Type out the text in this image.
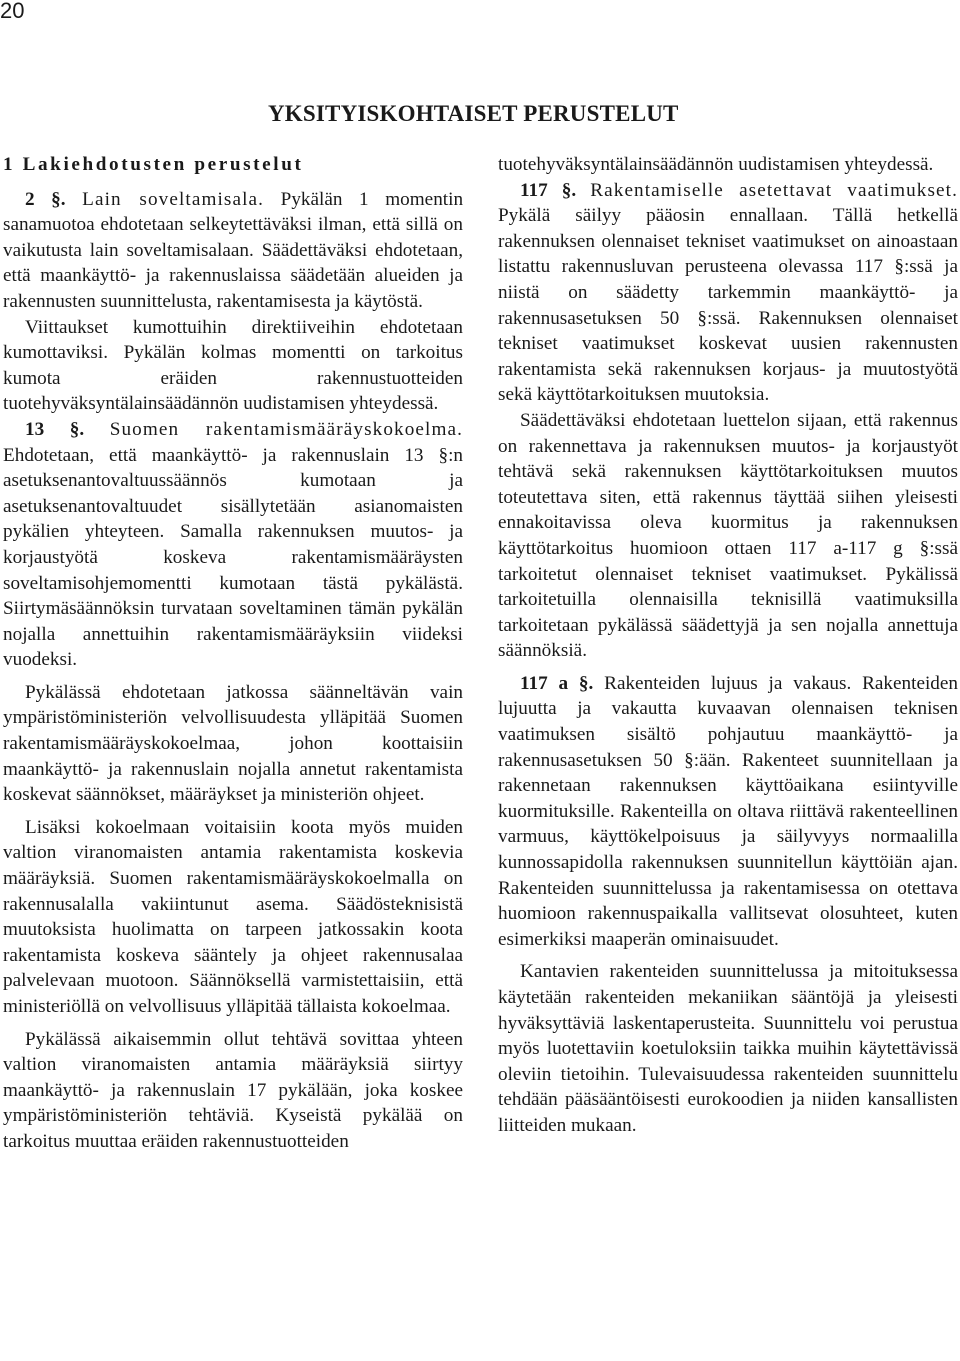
20
YKSITYISKOHTAISET PERUSTELUT
1 Lakiehdotusten perustelut

2 §. Lain soveltamisala. Pykälän 1 momentin sanamuotoa ehdotetaan selkeytettäväksi ilman, että sillä on vaikutusta lain soveltamisalaan. Säädettäväksi ehdotetaan, että maankäyttö- ja rakennuslaissa säädetään alueiden ja rakennusten suunnittelusta, rakentamisesta ja käytöstä.

Viittaukset kumottuihin direktiiveihin ehdotetaan kumottaviksi. Pykälän kolmas momentti on tarkoitus kumota eräiden rakennustuotteiden tuotehyväksyntälainsäädännön uudistamisen yhteydessä.

13 §. Suomen rakentamismääräyskokoelma. Ehdotetaan, että maankäyttö- ja rakennuslain 13 §:n asetuksenantovaltuussäännös kumotaan ja asetuksenantovaltuudet sisällytetään asianomaisten pykälien yhteyteen. Samalla rakennuksen muutos- ja korjaustyötä koskeva rakentamismääräysten soveltamisohjemomentti kumotaan tästä pykälästä. Siirtymäsäännöksin turvataan soveltaminen tämän pykälän nojalla annettuihin rakentamismääräyksiin viideksi vuodeksi.

Pykälässä ehdotetaan jatkossa säänneltävän vain ympäristöministeriön velvollisuudesta ylläpitää Suomen rakentamismääräyskokoelmaa, johon koottaisiin maankäyttö- ja rakennuslain nojalla annetut rakentamista koskevat säännökset, määräykset ja ministeriön ohjeet.

Lisäksi kokoelmaan voitaisiin koota myös muiden valtion viranomaisten antamia rakentamista koskevia määräyksiä. Suomen rakentamismääräyskokoelmalla on rakennusalalla vakiintunut asema. Säädösteknisistä muutoksista huolimatta on tarpeen jatkossakin koota rakentamista koskeva sääntely ja ohjeet rakennusalaa palvelevaan muotoon. Säännöksellä varmistettaisiin, että ministeriöllä on velvollisuus ylläpitää tällaista kokoelmaa.

Pykälässä aikaisemmin ollut tehtävä sovittaa yhteen valtion viranomaisten antamia määräyksiä siirtyy maankäyttö- ja rakennuslain 17 pykälään, joka koskee ympäristöministeriön tehtäviä. Kyseistä pykälää on tarkoitus muuttaa eräiden rakennustuotteiden

tuotehyväksyntälainsäädännön uudistamisen yhteydessä.

117 §. Rakentamiselle asetettavat vaatimukset. Pykälä säilyy pääosin ennallaan. Tällä hetkellä rakennuksen olennaiset tekniset vaatimukset on ainoastaan listattu rakennusluvan perusteena olevassa 117 §:ssä ja niistä on säädetty tarkemmin maankäyttö- ja rakennusasetuksen 50 §:ssä. Rakennuksen olennaiset tekniset vaatimukset koskevat uusien rakennusten rakentamista sekä rakennuksen korjaus- ja muutostyötä sekä käyttötarkoituksen muutoksia.

Säädettäväksi ehdotetaan luettelon sijaan, että rakennus on rakennettava ja rakennuksen muutos- ja korjaustyöt tehtävä sekä rakennuksen käyttötarkoituksen muutos toteutettava siten, että rakennus täyttää siihen yleisesti ennakoitavissa oleva kuormitus ja rakennuksen käyttötarkoitus huomioon ottaen 117 a-117 g §:ssä tarkoitetut olennaiset tekniset vaatimukset. Pykälissä tarkoitetuilla olennaisilla teknisillä vaatimuksilla tarkoitetaan pykälässä säädettyjä ja sen nojalla annettuja säännöksiä.

117 a §. Rakenteiden lujuus ja vakaus. Rakenteiden lujuutta ja vakautta kuvaavan olennaisen teknisen vaatimuksen sisältö pohjautuu maankäyttö- ja rakennusasetuksen 50 §:ään. Rakenteet suunnitellaan ja rakennetaan rakennuksen käyttöaikana esiintyville kuormituksille. Rakenteilla on oltava riittävä rakenteellinen varmuus, käyttökelpoisuus ja säilyvyys normaalilla kunnossapidolla rakennuksen suunnitellun käyttöiän ajan. Rakenteiden suunnittelussa ja rakentamisessa on otettava huomioon rakennuspaikalla vallitsevat olosuhteet, kuten esimerkiksi maaperän ominaisuudet.

Kantavien rakenteiden suunnittelussa ja mitoituksessa käytetään rakenteiden mekaniikan sääntöjä ja yleisesti hyväksyttäviä laskentaperusteita. Suunnittelu voi perustua myös luotettaviin koetuloksiin taikka muihin käytettävissä oleviin tietoihin. Tulevaisuudessa rakenteiden suunnittelu tehdään pääsääntöisesti eurokoodien ja niiden kansallisten liitteiden mukaan.
